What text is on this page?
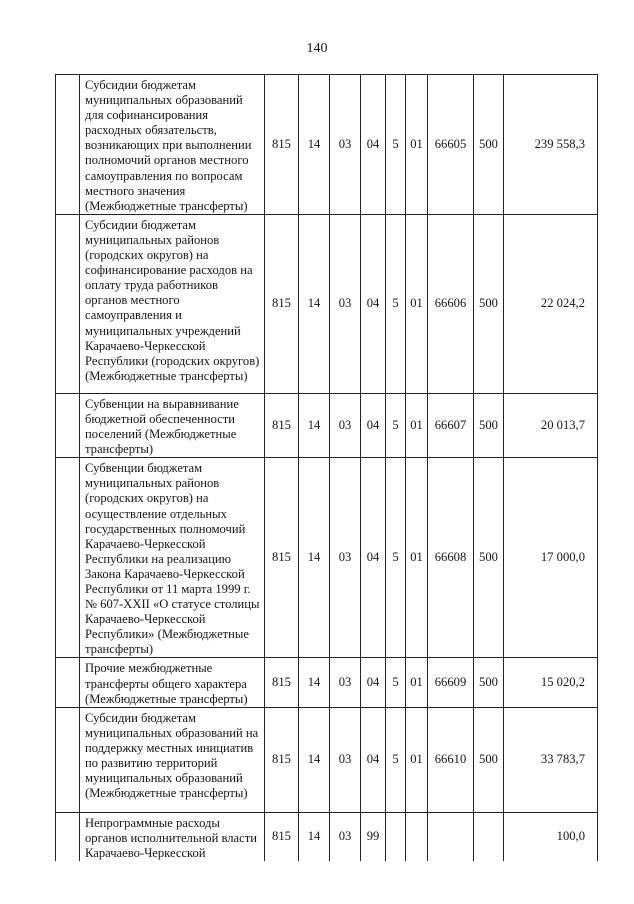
140
	Субсидии бюджетам муниципальных образований для софинансирования расходных обязательств, возникающих при выполнении полномочий органов местного самоуправления по вопросам местного значения (Межбюджетные трансферты)	815	14	03	04	5	01	66605	500	239 558,3
	Субсидии бюджетам муниципальных районов (городских округов) на софинансирование расходов на оплату труда работников органов местного самоуправления и муниципальных учреждений Карачаево-Черкесской Республики (городских округов) (Межбюджетные трансферты)	815	14	03	04	5	01	66606	500	22 024,2
	Субвенции на выравнивание бюджетной обеспеченности поселений (Межбюджетные трансферты)	815	14	03	04	5	01	66607	500	20 013,7
	Субвенции бюджетам муниципальных районов (городских округов) на осуществление отдельных государственных полномочий Карачаево-Черкесской Республики на реализацию Закона Карачаево-Черкесской Республики от 11 марта 1999 г. № 607-XXII «О статусе столицы Карачаево-Черкесской Республики» (Межбюджетные трансферты)	815	14	03	04	5	01	66608	500	17 000,0
	Прочие межбюджетные трансферты общего характера (Межбюджетные трансферты)	815	14	03	04	5	01	66609	500	15 020,2
	Субсидии бюджетам муниципальных образований на поддержку местных инициатив по развитию территорий муниципальных образований (Межбюджетные трансферты)	815	14	03	04	5	01	66610	500	33 783,7
	Непрограммные расходы органов исполнительной власти Карачаево-Черкесской	815	14	03	99					100,0
